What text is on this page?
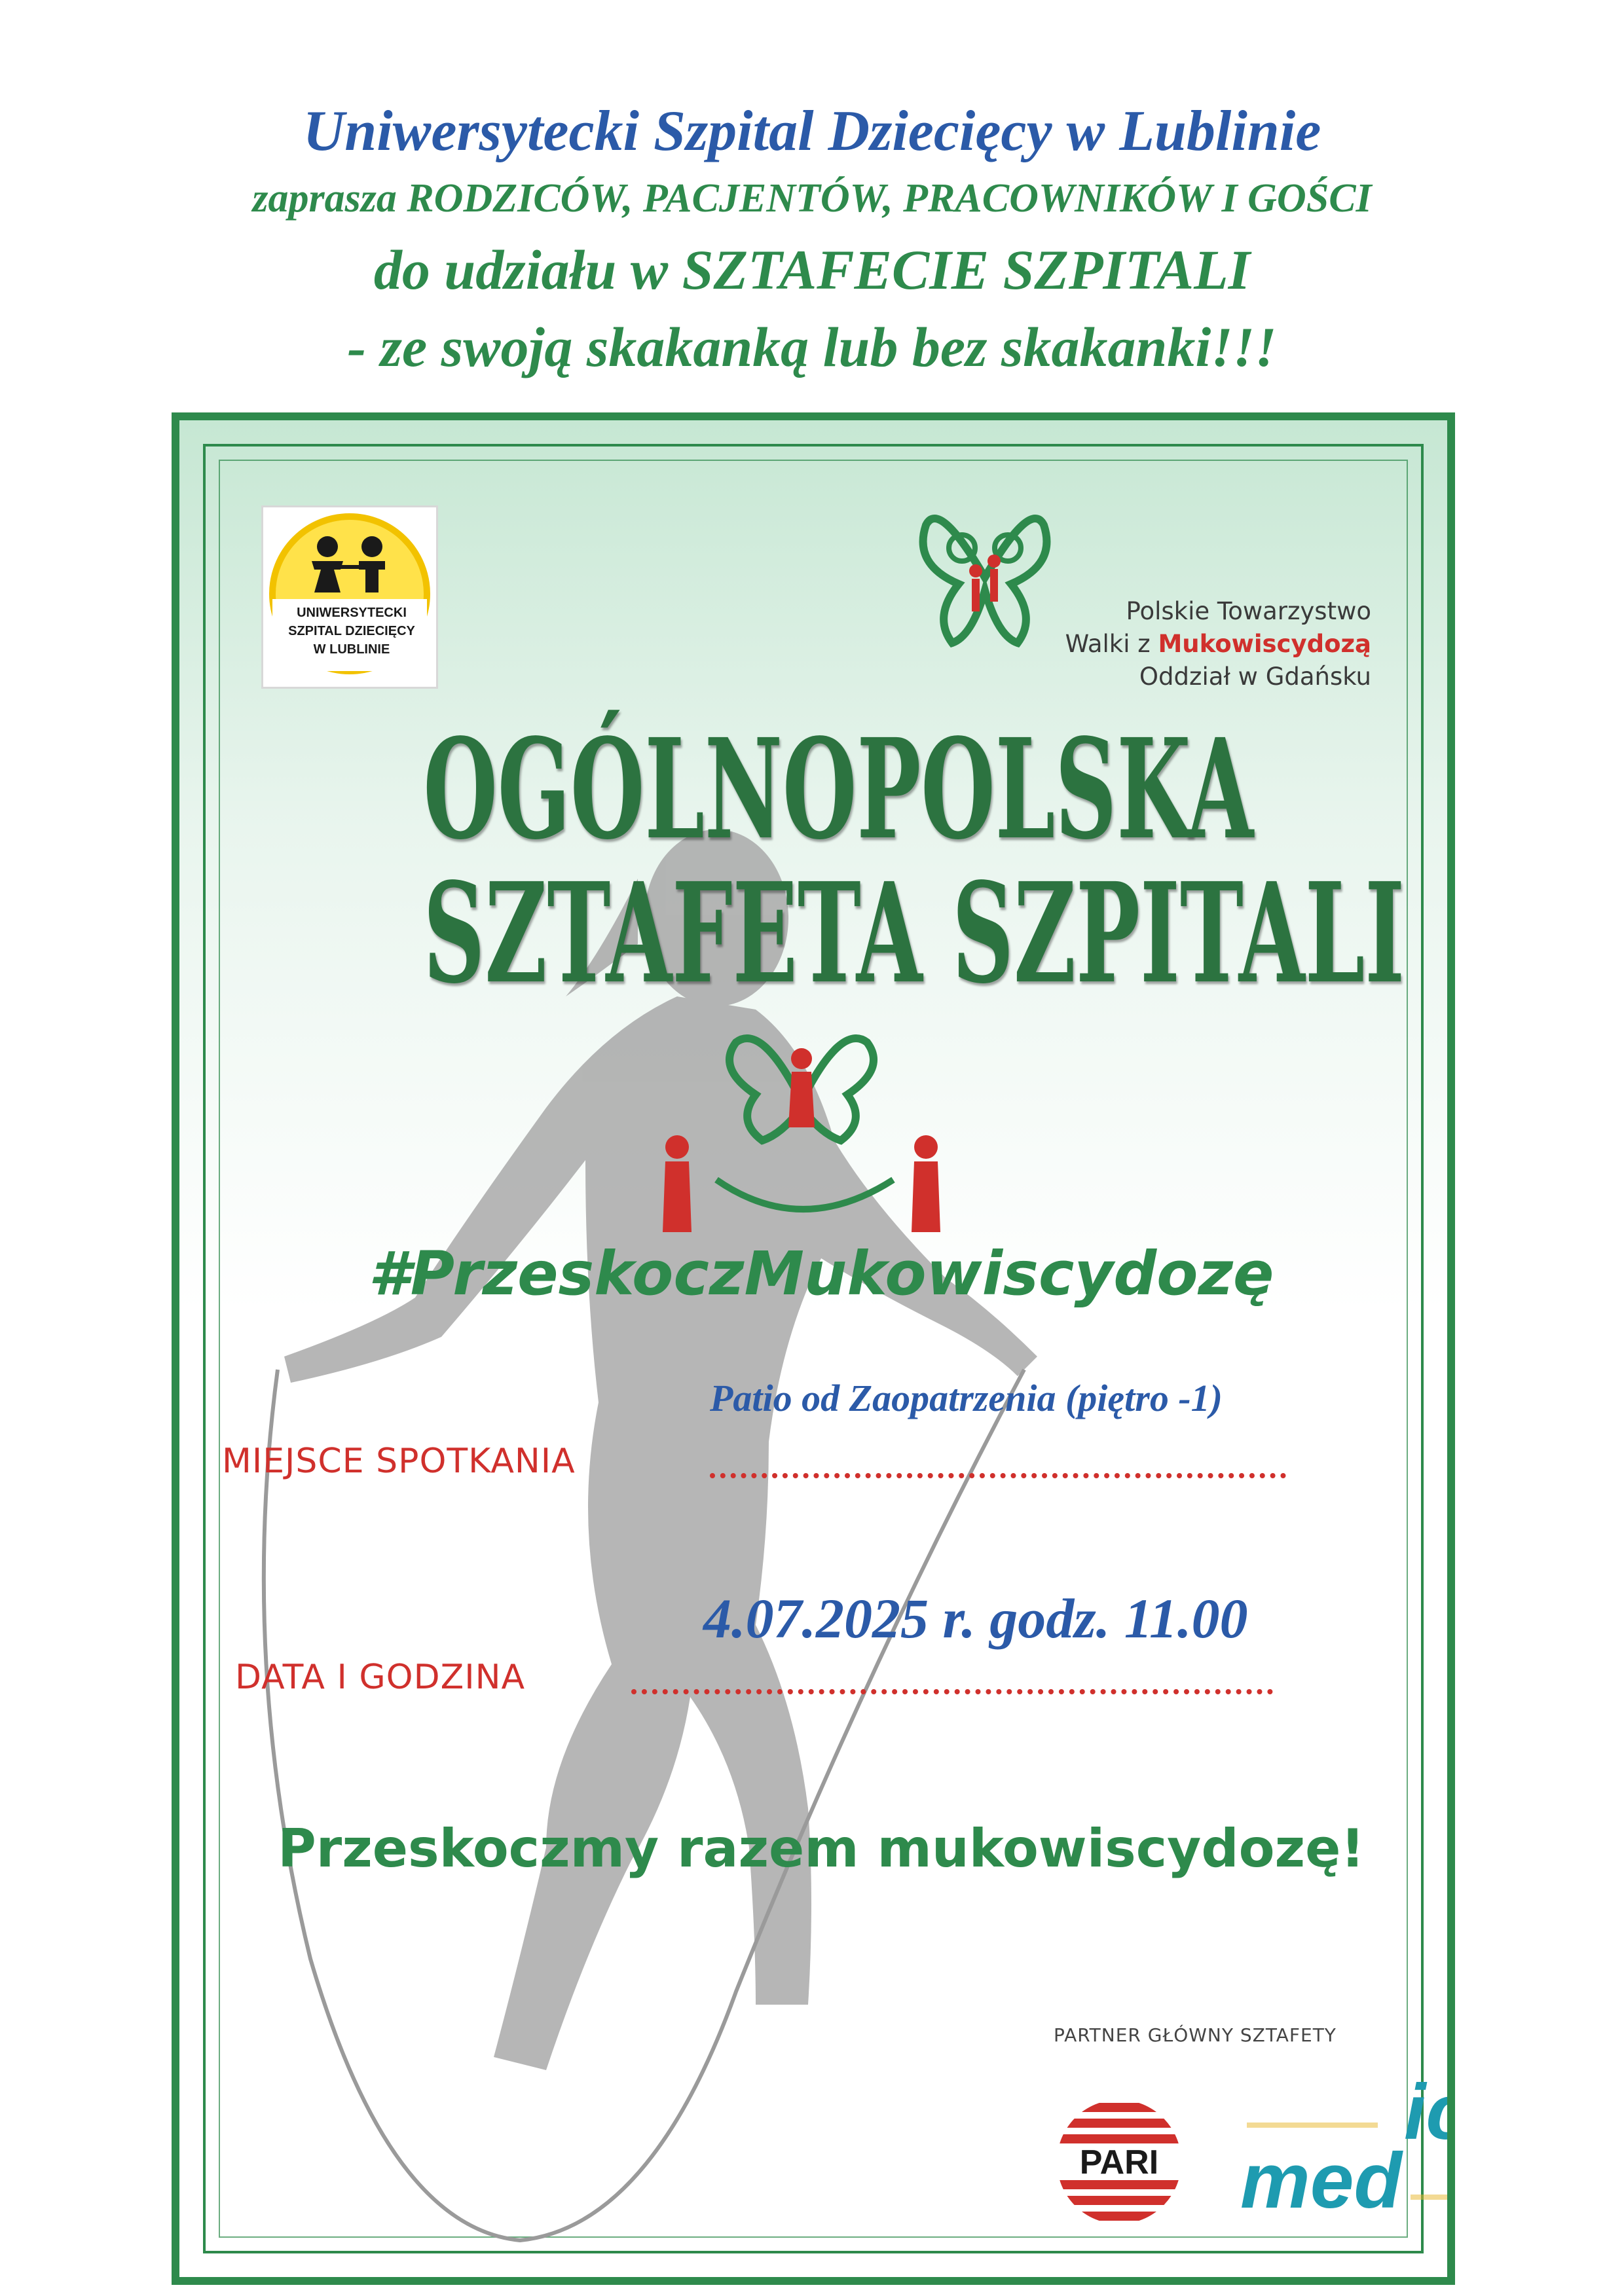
Uniwersytecki Szpital Dziecięcy w Lublinie
zaprasza RODZICÓW, PACJENTÓW, PRACOWNIKÓW I GOŚCI
do udziału w SZTAFECIE SZPITALI
- ze swoją skakanką lub bez skakanki!!!
UNIWERSYTECKI
SZPITAL DZIECIĘCY
W LUBLINIE
Polskie Towarzystwo
Walki z Mukowiscydozą
Oddział w Gdańsku
OGÓLNOPOLSKA
SZTAFETA SZPITALI
#PrzeskoczMukowiscydozę
Patio od Zaopatrzenia (piętro -1)
MIEJSCE SPOTKANIA
4.07.2025 r. godz. 11.00
DATA I GODZINA
Przeskoczmy razem mukowiscydozę!
PARTNER GŁÓWNY SZTAFETY
PARI
icom
med
